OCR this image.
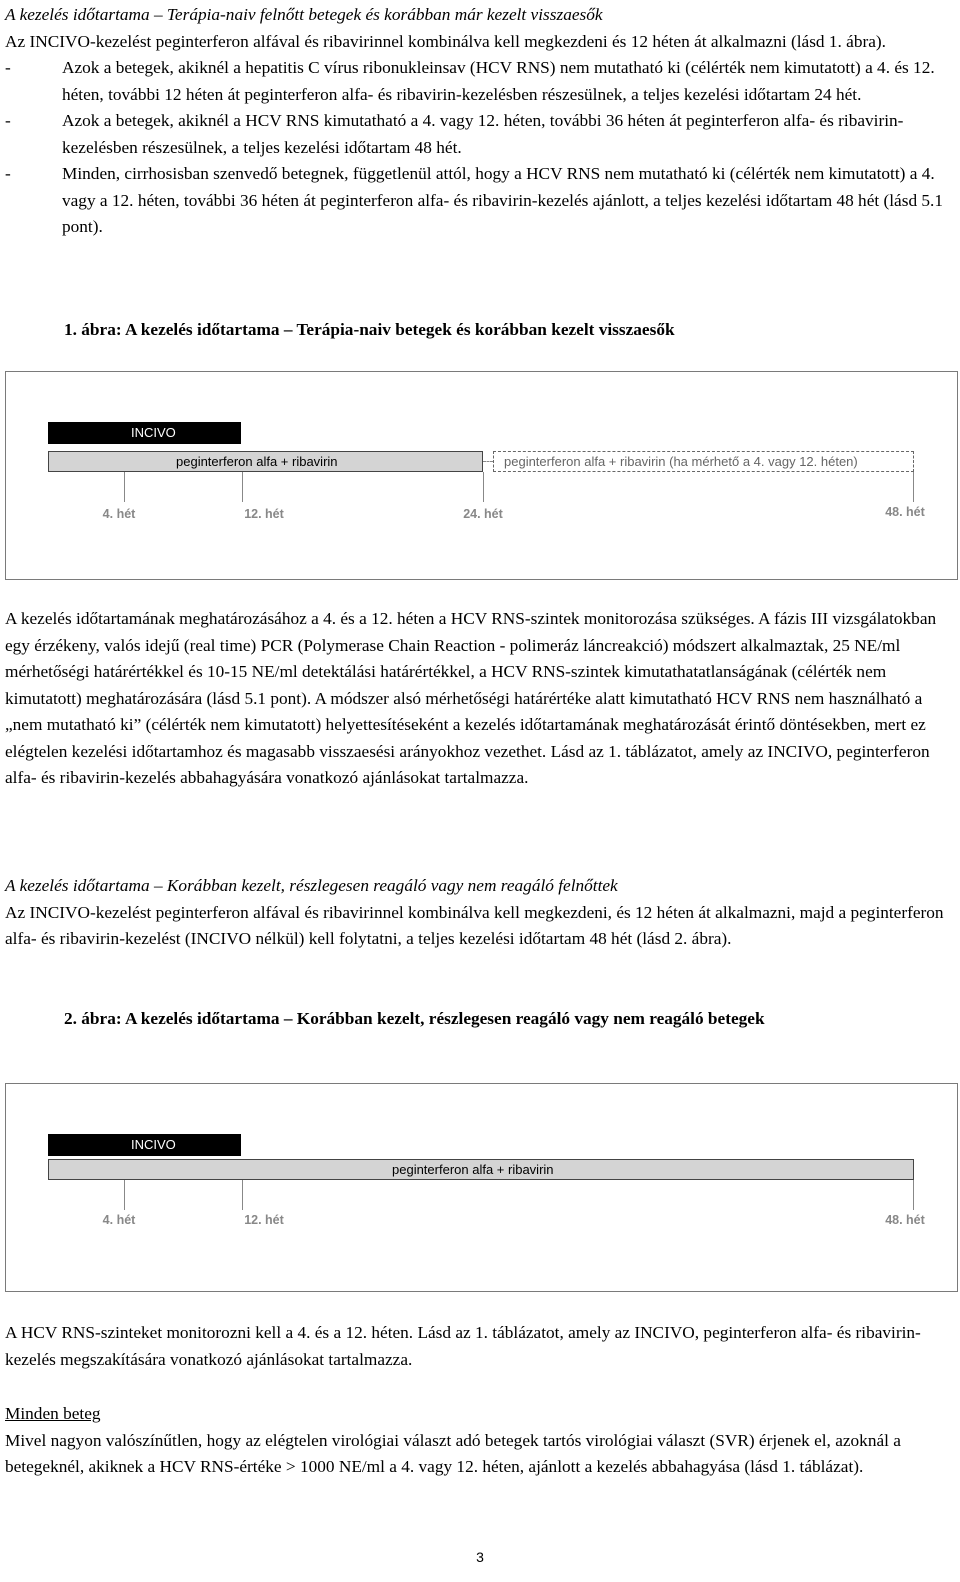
A kezelés időtartama – Terápia-naiv felnőtt betegek és korábban már kezelt visszaesők
Az INCIVO-kezelést peginterferon alfával és ribavirinnel kombinálva kell megkezdeni és 12 héten át alkalmazni (lásd 1. ábra).
-	Azok a betegek, akiknél a hepatitis C vírus ribonukleinsav (HCV RNS) nem mutatható ki (célérték nem kimutatott) a 4. és 12. héten, további 12 héten át peginterferon alfa- és ribavirin-kezelésben részesülnek, a teljes kezelési időtartam 24 hét.
-	Azok a betegek, akiknél a HCV RNS kimutatható a 4. vagy 12. héten, további 36 héten át peginterferon alfa- és ribavirin-kezelésben részesülnek, a teljes kezelési időtartam 48 hét.
-	Minden, cirrhosisban szenvedő betegnek, függetlenül attól, hogy a HCV RNS nem mutatható ki (célérték nem kimutatott) a 4. vagy a 12. héten, további 36 héten át peginterferon alfa- és ribavirin-kezelés ajánlott, a teljes kezelési időtartam 48 hét (lásd 5.1 pont).
1. ábra: A kezelés időtartama – Terápia-naiv betegek és korábban kezelt visszaesők
INCIVO
peginterferon alfa + ribavirin	peginterferon alfa + ribavirin (ha mérhető a 4. vagy 12. héten)
4. hét	12. hét	24. hét	48. hét
A kezelés időtartamának meghatározásához a 4. és a 12. héten a HCV RNS-szintek monitorozása szükséges. A fázis III vizsgálatokban egy érzékeny, valós idejű (real time) PCR (Polymerase Chain Reaction - polimeráz láncreakció) módszert alkalmaztak, 25 NE/ml mérhetőségi határértékkel és 10-15 NE/ml detektálási határértékkel, a HCV RNS-szintek kimutathatatlanságának (célérték nem kimutatott) meghatározására (lásd 5.1 pont). A módszer alsó mérhetőségi határértéke alatt kimutatható HCV RNS nem használható a „nem mutatható ki” (célérték nem kimutatott) helyettesítéseként a kezelés időtartamának meghatározását érintő döntésekben, mert ez elégtelen kezelési időtartamhoz és magasabb visszaesési arányokhoz vezethet. Lásd az 1. táblázatot, amely az INCIVO, peginterferon alfa- és ribavirin-kezelés abbahagyására vonatkozó ajánlásokat tartalmazza.
A kezelés időtartama – Korábban kezelt, részlegesen reagáló vagy nem reagáló felnőttek
Az INCIVO-kezelést peginterferon alfával és ribavirinnel kombinálva kell megkezdeni, és 12 héten át alkalmazni, majd a peginterferon alfa- és ribavirin-kezelést (INCIVO nélkül) kell folytatni, a teljes kezelési időtartam 48 hét (lásd 2. ábra).
2. ábra: A kezelés időtartama – Korábban kezelt, részlegesen reagáló vagy nem reagáló betegek
INCIVO
peginterferon alfa + ribavirin
4. hét	12. hét	48. hét
A HCV RNS-szinteket monitorozni kell a 4. és a 12. héten. Lásd az 1. táblázatot, amely az INCIVO, peginterferon alfa- és ribavirin-kezelés megszakítására vonatkozó ajánlásokat tartalmazza.
Minden beteg
Mivel nagyon valószínűtlen, hogy az elégtelen virológiai választ adó betegek tartós virológiai választ (SVR) érjenek el, azoknál a betegeknél, akiknek a HCV RNS-értéke > 1000 NE/ml a 4. vagy 12. héten, ajánlott a kezelés abbahagyása (lásd 1. táblázat).
3
